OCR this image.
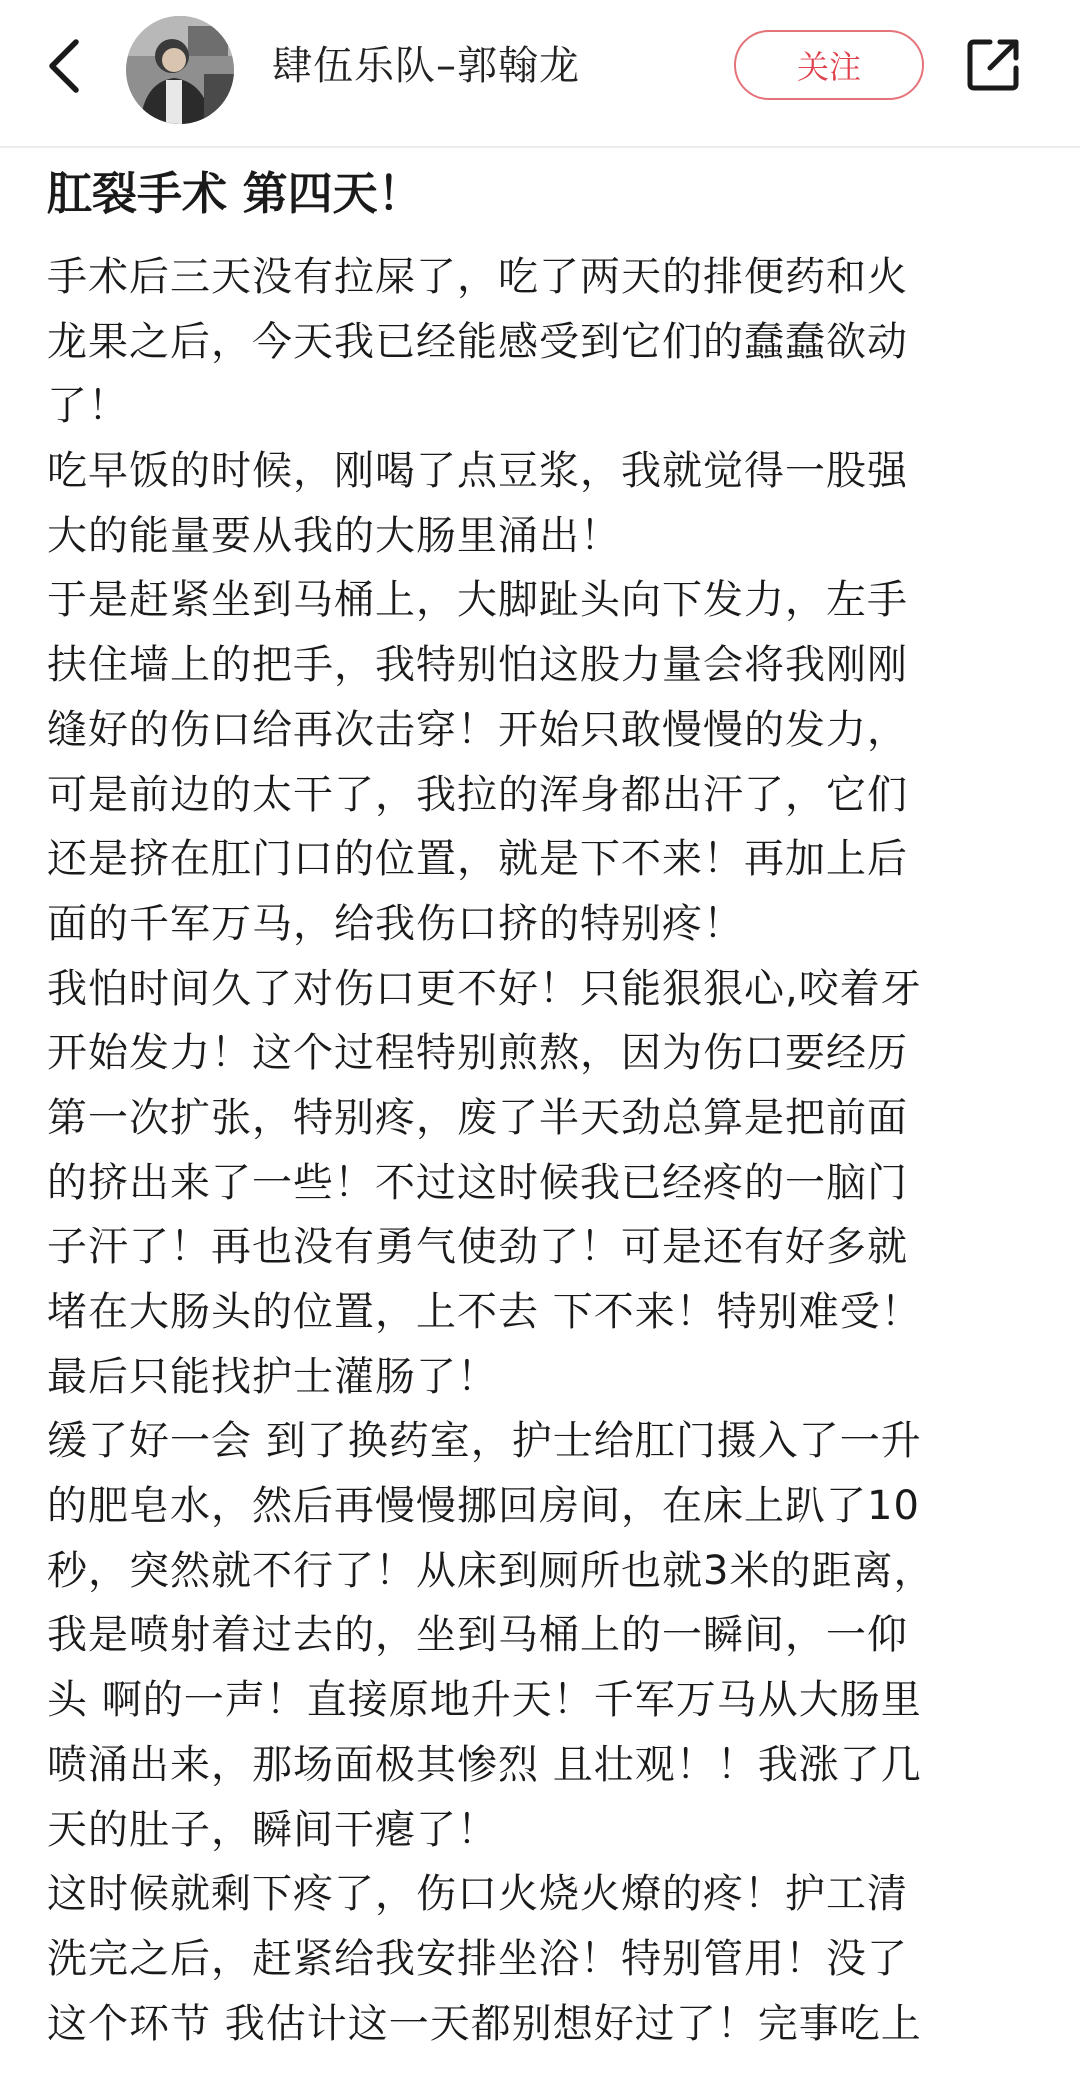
肆伍乐队–郭翰龙	关注
肛裂手术 第四天！
手术后三天没有拉屎了，吃了两天的排便药和火
龙果之后，今天我已经能感受到它们的蠢蠢欲动
了！
吃早饭的时候，刚喝了点豆浆，我就觉得一股强
大的能量要从我的大肠里涌出！
于是赶紧坐到马桶上，大脚趾头向下发力，左手
扶住墙上的把手，我特别怕这股力量会将我刚刚
缝好的伤口给再次击穿！开始只敢慢慢的发力，
可是前边的太干了，我拉的浑身都出汗了，它们
还是挤在肛门口的位置，就是下不来！再加上后
面的千军万马，给我伤口挤的特别疼！
我怕时间久了对伤口更不好！只能狠狠心,咬着牙
开始发力！这个过程特别煎熬，因为伤口要经历
第一次扩张，特别疼，废了半天劲总算是把前面
的挤出来了一些！不过这时候我已经疼的一脑门
子汗了！再也没有勇气使劲了！可是还有好多就
堵在大肠头的位置，上不去 下不来！特别难受！
最后只能找护士灌肠了！
缓了好一会 到了换药室，护士给肛门摄入了一升
的肥皂水，然后再慢慢挪回房间，在床上趴了10
秒，突然就不行了！从床到厕所也就3米的距离，
我是喷射着过去的，坐到马桶上的一瞬间，一仰
头 啊的一声！直接原地升天！千军万马从大肠里
喷涌出来，那场面极其惨烈 且壮观！！我涨了几
天的肚子，瞬间干瘪了！
这时候就剩下疼了，伤口火烧火燎的疼！护工清
洗完之后，赶紧给我安排坐浴！特别管用！没了
这个环节 我估计这一天都别想好过了！完事吃上
